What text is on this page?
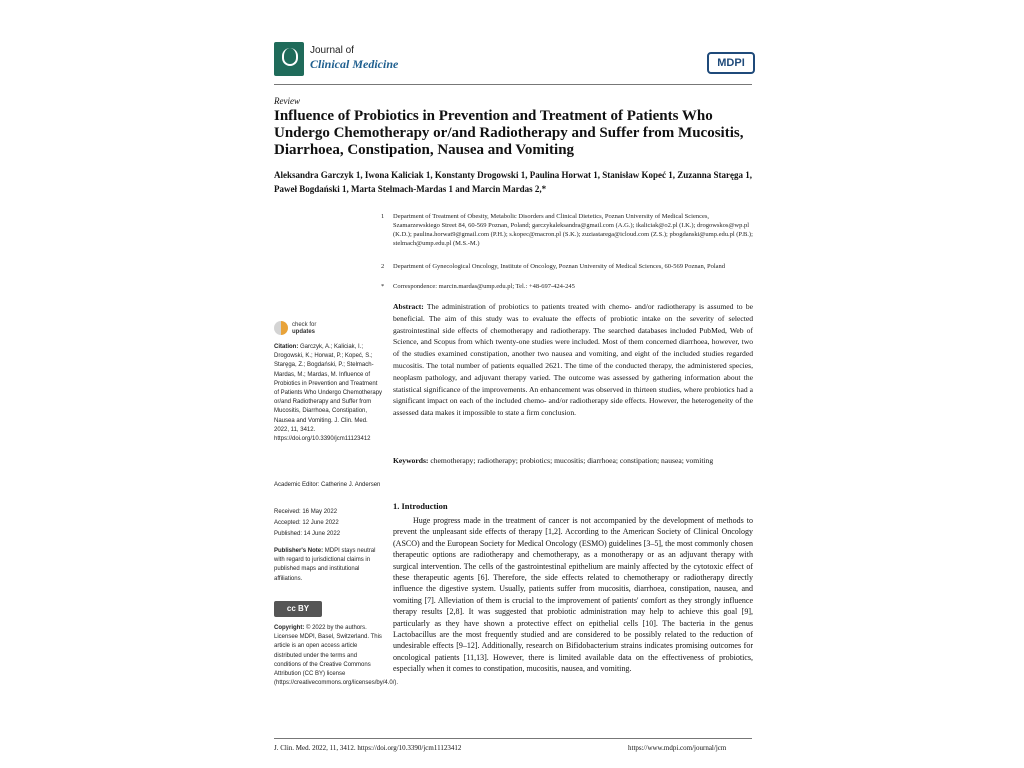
Journal of
Clinical Medicine	MDPI
Review
Influence of Probiotics in Prevention and Treatment of Patients Who Undergo Chemotherapy or/and Radiotherapy and Suffer from Mucositis, Diarrhoea, Constipation, Nausea and Vomiting
Aleksandra Garczyk 1, Iwona Kaliciak 1, Konstanty Drogowski 1, Paulina Horwat 1, Stanisław Kopeć 1, Zuzanna Staręga 1, Paweł Bogdański 1, Marta Stelmach-Mardas 1 and Marcin Mardas 2,*
1 Department of Treatment of Obesity, Metabolic Disorders and Clinical Dietetics, Poznan University of Medical Sciences, Szamarzewskiego Street 84, 60-569 Poznan, Poland; garczykaleksandra@gmail.com (A.G.); ikaliciak@o2.pl (I.K.); drogowskos@wp.pl (K.D.); paulina.horwat9@gmail.com (P.H.); s.kopec@macron.pl (S.K.); zuziastarega@icloud.com (Z.S.); pbogdanski@ump.edu.pl (P.B.); stelmach@ump.edu.pl (M.S.-M.)
2 Department of Gynecological Oncology, Institute of Oncology, Poznan University of Medical Sciences, 60-569 Poznan, Poland
* Correspondence: marcin.mardas@ump.edu.pl; Tel.: +48-697-424-245
Abstract: The administration of probiotics to patients treated with chemo- and/or radiotherapy is assumed to be beneficial. The aim of this study was to evaluate the effects of probiotic intake on the severity of selected gastrointestinal side effects of chemotherapy and radiotherapy. The searched databases included PubMed, Web of Science, and Scopus from which twenty-one studies were included. Most of them concerned diarrhoea, however, two of the studies examined constipation, another two nausea and vomiting, and eight of the included studies regarded mucositis. The total number of patients equalled 2621. The time of the conducted therapy, the administered species, neoplasm pathology, and adjuvant therapy varied. The outcome was assessed by gathering information about the statistical significance of the improvements. An enhancement was observed in thirteen studies, where probiotics had a significant impact on each of the included chemo- and/or radiotherapy side effects. However, the heterogeneity of the assessed data makes it impossible to state a firm conclusion.
Keywords: chemotherapy; radiotherapy; probiotics; mucositis; diarrhoea; constipation; nausea; vomiting
1. Introduction
Huge progress made in the treatment of cancer is not accompanied by the development of methods to prevent the unpleasant side effects of therapy [1,2]. According to the American Society of Clinical Oncology (ASCO) and the European Society for Medical Oncology (ESMO) guidelines [3–5], the most commonly chosen therapeutic options are radiotherapy and chemotherapy, as a monotherapy or as an adjuvant therapy with surgical intervention. The cells of the gastrointestinal epithelium are mainly affected by the cytotoxic effect of these therapeutic agents [6]. Therefore, the side effects related to chemotherapy or radiotherapy directly influence the digestive system. Usually, patients suffer from mucositis, diarrhoea, constipation, nausea, and vomiting [7]. Alleviation of them is crucial to the improvement of patients' comfort as they strongly influence therapy results [2,8]. It was suggested that probiotic administration may help to achieve this goal [9], particularly as they have shown a protective effect on epithelial cells [10]. The bacteria in the genus Lactobacillus are the most frequently studied and are considered to be possibly related to the reduction of undesirable effects [9–12]. Additionally, research on Bifidobacterium strains indicates promising outcomes for oncological patients [11,13]. However, there is limited available data on the effectiveness of probiotics, especially when it comes to constipation, mucositis, nausea, and vomiting.
check for
updates
Citation: Garczyk, A.; Kaliciak, I.; Drogowski, K.; Horwat, P.; Kopeć, S.; Staręga, Z.; Bogdański, P.; Stelmach-Mardas, M.; Mardas, M. Influence of Probiotics in Prevention and Treatment of Patients Who Undergo Chemotherapy or/and Radiotherapy and Suffer from Mucositis, Diarrhoea, Constipation, Nausea and Vomiting. J. Clin. Med. 2022, 11, 3412. https://doi.org/10.3390/jcm11123412
Academic Editor: Catherine J. Andersen
Received: 16 May 2022
Accepted: 12 June 2022
Published: 14 June 2022
Publisher's Note: MDPI stays neutral with regard to jurisdictional claims in published maps and institutional affiliations.
cc BY
Copyright: © 2022 by the authors. Licensee MDPI, Basel, Switzerland. This article is an open access article distributed under the terms and conditions of the Creative Commons Attribution (CC BY) license (https://creativecommons.org/licenses/by/4.0/).
J. Clin. Med. 2022, 11, 3412. https://doi.org/10.3390/jcm11123412	https://www.mdpi.com/journal/jcm
